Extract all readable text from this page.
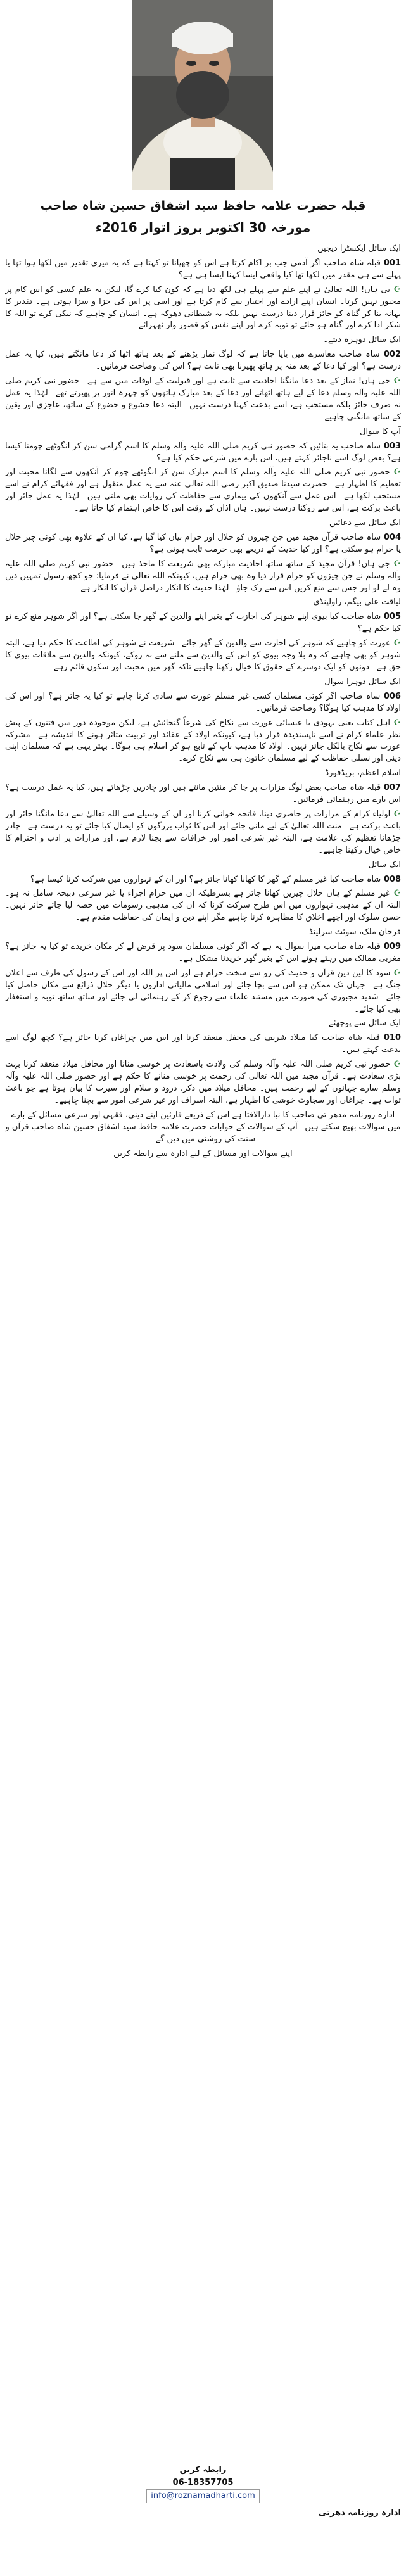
قبلہ حضرت علامہ حافظ سید اشفاق حسین شاہ صاحب
مورخہ 30 اکتوبر بروز اتوار 2016ء

ایک سائل ایکسٹرا دیجیں

001 قبلہ شاہ صاحب اگر آدمی جب بر اکام کرتا ہے اس کو چھپانا تو کہتا ہے کہ یہ میری تقدیر میں لکھا ہوا تھا یا پہلے سے ہی مقدر میں لکھا تھا کیا واقعی ایسا کہنا ایسا ہی ہے؟

☪ بی ہاں! اللہ تعالیٰ نے اپنے علم سے پہلے ہی لکھ دیا ہے کہ کون کیا کرے گا، لیکن یہ علم کسی کو اس کام پر مجبور نہیں کرتا۔ انسان اپنے ارادے اور اختیار سے کام کرتا ہے اور اسی پر اس کی جزا و سزا ہوتی ہے۔ تقدیر کا بہانہ بنا کر گناہ کو جائز قرار دینا درست نہیں بلکہ یہ شیطانی دھوکہ ہے۔ انسان کو چاہیے کہ نیکی کرے تو اللہ کا شکر ادا کرے اور گناہ ہو جائے تو توبہ کرے اور اپنے نفس کو قصور وار ٹھہرائے۔

ایک سائل دوہرہ دیتے۔

002 شاہ صاحب معاشرے میں پایا جاتا ہے کہ لوگ نماز پڑھنے کے بعد ہاتھ اٹھا کر دعا مانگتے ہیں، کیا یہ عمل درست ہے؟ اور کیا دعا کے بعد منہ پر ہاتھ پھیرنا بھی ثابت ہے؟ اس کی وضاحت فرمائیں۔

☪ جی ہاں! نماز کے بعد دعا مانگنا احادیث سے ثابت ہے اور قبولیت کے اوقات میں سے ہے۔ حضور نبی کریم صلی اللہ علیہ وآلہ وسلم دعا کے لیے ہاتھ اٹھاتے اور دعا کے بعد مبارک ہاتھوں کو چہرہ انور پر پھیرتے تھے۔ لہٰذا یہ عمل نہ صرف جائز بلکہ مستحب ہے، اسے بدعت کہنا درست نہیں۔ البتہ دعا خشوع و خضوع کے ساتھ، عاجزی اور یقین کے ساتھ مانگنی چاہیے۔

آپ کا سوال

003 شاہ صاحب یہ بتائیں کہ حضور نبی کریم صلی اللہ علیہ وآلہ وسلم کا اسم گرامی سن کر انگوٹھے چومنا کیسا ہے؟ بعض لوگ اسے ناجائز کہتے ہیں، اس بارے میں شرعی حکم کیا ہے؟

☪ حضور نبی کریم صلی اللہ علیہ وآلہ وسلم کا اسم مبارک سن کر انگوٹھے چوم کر آنکھوں سے لگانا محبت اور تعظیم کا اظہار ہے۔ حضرت سیدنا صدیق اکبر رضی اللہ تعالیٰ عنہ سے یہ عمل منقول ہے اور فقہائے کرام نے اسے مستحب لکھا ہے۔ اس عمل سے آنکھوں کی بیماری سے حفاظت کی روایات بھی ملتی ہیں۔ لہٰذا یہ عمل جائز اور باعث برکت ہے، اس سے روکنا درست نہیں۔ ہاں اذان کے وقت اس کا خاص اہتمام کیا جاتا ہے۔

ایک سائل سے دعائیں

004 شاہ صاحب قرآن مجید میں جن چیزوں کو حلال اور حرام بیان کیا گیا ہے، کیا ان کے علاوہ بھی کوئی چیز حلال یا حرام ہو سکتی ہے؟ اور کیا حدیث کے ذریعے بھی حرمت ثابت ہوتی ہے؟

☪ جی ہاں! قرآن مجید کے ساتھ ساتھ احادیث مبارکہ بھی شریعت کا ماخذ ہیں۔ حضور نبی کریم صلی اللہ علیہ وآلہ وسلم نے جن چیزوں کو حرام قرار دیا وہ بھی حرام ہیں، کیونکہ اللہ تعالیٰ نے فرمایا: جو کچھ رسول تمہیں دیں وہ لے لو اور جس سے منع کریں اس سے رک جاؤ۔ لہٰذا حدیث کا انکار دراصل قرآن کا انکار ہے۔

لیاقت علی بیگم، راولپنڈی

005 شاہ صاحب کیا بیوی اپنے شوہر کی اجازت کے بغیر اپنے والدین کے گھر جا سکتی ہے؟ اور اگر شوہر منع کرے تو کیا حکم ہے؟

☪ عورت کو چاہیے کہ شوہر کی اجازت سے والدین کے گھر جائے۔ شریعت نے شوہر کی اطاعت کا حکم دیا ہے، البتہ شوہر کو بھی چاہیے کہ وہ بلا وجہ بیوی کو اس کے والدین سے ملنے سے نہ روکے، کیونکہ والدین سے ملاقات بیوی کا حق ہے۔ دونوں کو ایک دوسرے کے حقوق کا خیال رکھنا چاہیے تاکہ گھر میں محبت اور سکون قائم رہے۔

ایک سائل دوہرا سوال

006 شاہ صاحب اگر کوئی مسلمان کسی غیر مسلم عورت سے شادی کرنا چاہے تو کیا یہ جائز ہے؟ اور اس کی اولاد کا مذہب کیا ہوگا؟ وضاحت فرمائیں۔

☪ اہل کتاب یعنی یہودی یا عیسائی عورت سے نکاح کی شرعاً گنجائش ہے، لیکن موجودہ دور میں فتنوں کے پیش نظر علماء کرام نے اسے ناپسندیدہ قرار دیا ہے، کیونکہ اولاد کے عقائد اور تربیت متاثر ہونے کا اندیشہ ہے۔ مشرکہ عورت سے نکاح بالکل جائز نہیں۔ اولاد کا مذہب باپ کے تابع ہو کر اسلام ہی ہوگا۔ بہتر یہی ہے کہ مسلمان اپنی دینی اور نسلی حفاظت کے لیے مسلمان خاتون ہی سے نکاح کرے۔

اسلام اعظم، بریڈفورڈ

007 قبلہ شاہ صاحب بعض لوگ مزارات پر جا کر منتیں مانتے ہیں اور چادریں چڑھاتے ہیں، کیا یہ عمل درست ہے؟ اس بارے میں رہنمائی فرمائیں۔

☪ اولیاء کرام کے مزارات پر حاضری دینا، فاتحہ خوانی کرنا اور ان کے وسیلے سے اللہ تعالیٰ سے دعا مانگنا جائز اور باعث برکت ہے۔ منت اللہ تعالیٰ کے لیے مانی جائے اور اس کا ثواب بزرگوں کو ایصال کیا جائے تو یہ درست ہے۔ چادر چڑھانا تعظیم کی علامت ہے، البتہ غیر شرعی امور اور خرافات سے بچنا لازم ہے، اور مزارات پر ادب و احترام کا خاص خیال رکھنا چاہیے۔

ایک سائل

008 شاہ صاحب کیا غیر مسلم کے گھر کا کھانا کھانا جائز ہے؟ اور ان کے تہواروں میں شرکت کرنا کیسا ہے؟

☪ غیر مسلم کے ہاں حلال چیزیں کھانا جائز ہے بشرطیکہ ان میں حرام اجزاء یا غیر شرعی ذبیحہ شامل نہ ہو۔ البتہ ان کے مذہبی تہواروں میں اس طرح شرکت کرنا کہ ان کی مذہبی رسومات میں حصہ لیا جائے جائز نہیں۔ حسن سلوک اور اچھے اخلاق کا مظاہرہ کرنا چاہیے مگر اپنے دین و ایمان کی حفاظت مقدم ہے۔

فرحان ملک، سوئٹ سرلینڈ

009 قبلہ شاہ صاحب میرا سوال یہ ہے کہ اگر کوئی مسلمان سود پر قرض لے کر مکان خریدے تو کیا یہ جائز ہے؟ مغربی ممالک میں رہتے ہوئے اس کے بغیر گھر خریدنا مشکل ہے۔

☪ سود کا لین دین قرآن و حدیث کی رو سے سخت حرام ہے اور اس پر اللہ اور اس کے رسول کی طرف سے اعلان جنگ ہے۔ جہاں تک ممکن ہو اس سے بچا جائے اور اسلامی مالیاتی اداروں یا دیگر حلال ذرائع سے مکان حاصل کیا جائے۔ شدید مجبوری کی صورت میں مستند علماء سے رجوع کر کے رہنمائی لی جائے اور ساتھ ساتھ توبہ و استغفار بھی کیا جائے۔

ایک سائل سے پوچھئے

010 قبلہ شاہ صاحب کیا میلاد شریف کی محفل منعقد کرنا اور اس میں چراغاں کرنا جائز ہے؟ کچھ لوگ اسے بدعت کہتے ہیں۔

☪ حضور نبی کریم صلی اللہ علیہ وآلہ وسلم کی ولادت باسعادت پر خوشی منانا اور محافل میلاد منعقد کرنا بہت بڑی سعادت ہے۔ قرآن مجید میں اللہ تعالیٰ کی رحمت پر خوشی منانے کا حکم ہے اور حضور صلی اللہ علیہ وآلہ وسلم سارے جہانوں کے لیے رحمت ہیں۔ محافل میلاد میں ذکر، درود و سلام اور سیرت کا بیان ہوتا ہے جو باعث ثواب ہے۔ چراغاں اور سجاوٹ خوشی کا اظہار ہے، البتہ اسراف اور غیر شرعی امور سے بچنا چاہیے۔

ادارہ روزنامہ مدھر تی صاحب کا نیا دارالافتا ہے اس کے ذریعے قارئین اپنے دینی، فقہی اور شرعی مسائل کے بارے میں سوالات بھیج سکتے ہیں۔ آپ کے سوالات کے جوابات حضرت علامہ حافظ سید اشفاق حسین شاہ صاحب قرآن و سنت کی روشنی میں دیں گے۔

اپنے سوالات اور مسائل کے لیے ادارہ سے رابطہ کریں

رابطہ کریں
06-18357705
info@roznamadharti.com
ادارہ روزنامہ دھرتی
